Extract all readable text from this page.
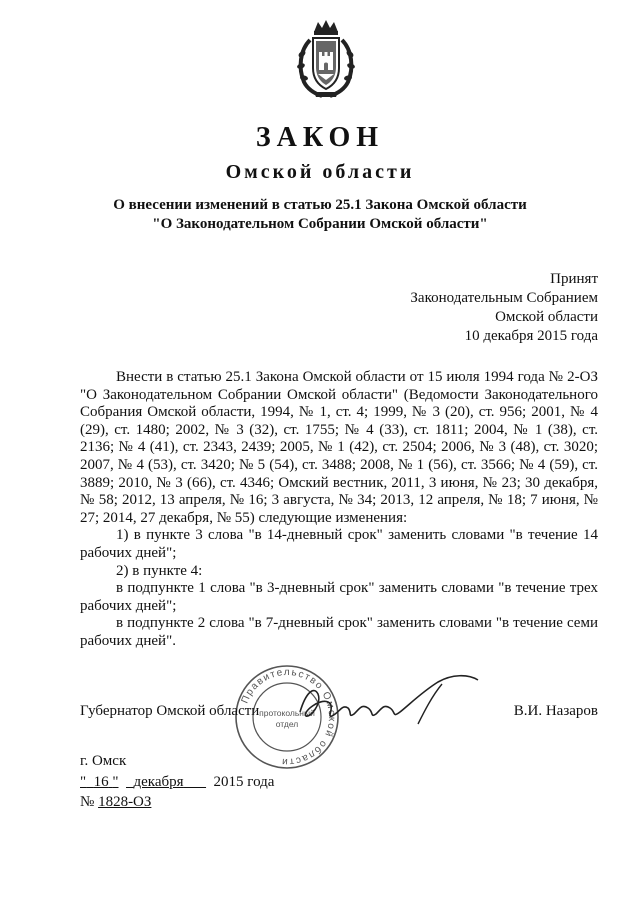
ЗАКОН
Омской области
О внесении изменений в статью 25.1 Закона Омской области
"О Законодательном Собрании Омской области"
Принят
Законодательным Собранием
Омской области
10 декабря 2015 года

Внести в статью 25.1 Закона Омской области от 15 июля 1994 года № 2-ОЗ "О Законодательном Собрании Омской области" (Ведомости Законодательного Собрания Омской области, 1994, № 1, ст. 4; 1999, № 3 (20), ст. 956; 2001, № 4 (29), ст. 1480; 2002, № 3 (32), ст. 1755; № 4 (33), ст. 1811; 2004, № 1 (38), ст. 2136; № 4 (41), ст. 2343, 2439; 2005, № 1 (42), ст. 2504; 2006, № 3 (48), ст. 3020; 2007, № 4 (53), ст. 3420; № 5 (54), ст. 3488; 2008, № 1 (56), ст. 3566; № 4 (59), ст. 3889; 2010, № 3 (66), ст. 4346; Омский вестник, 2011, 3 июня, № 23; 30 декабря, № 58; 2012, 13 апреля, № 16; 3 августа, № 34; 2013, 12 апреля, № 18; 7 июня, № 27; 2014, 27 декабря, № 55) следующие изменения:

1) в пункте 3 слова "в 14-дневный срок" заменить словами "в течение 14 рабочих дней";

2) в пункте 4:

в подпункте 1 слова "в 3-дневный срок" заменить словами "в течение трех рабочих дней";

в подпункте 2 слова "в 7-дневный срок" заменить словами "в течение семи рабочих дней".

Правительство Омской области
протокольный
отдел
Губернатор Омской области	В.И. Назаров
г. Омск
" 16 " декабря 2015 года
№ 1828-ОЗ
